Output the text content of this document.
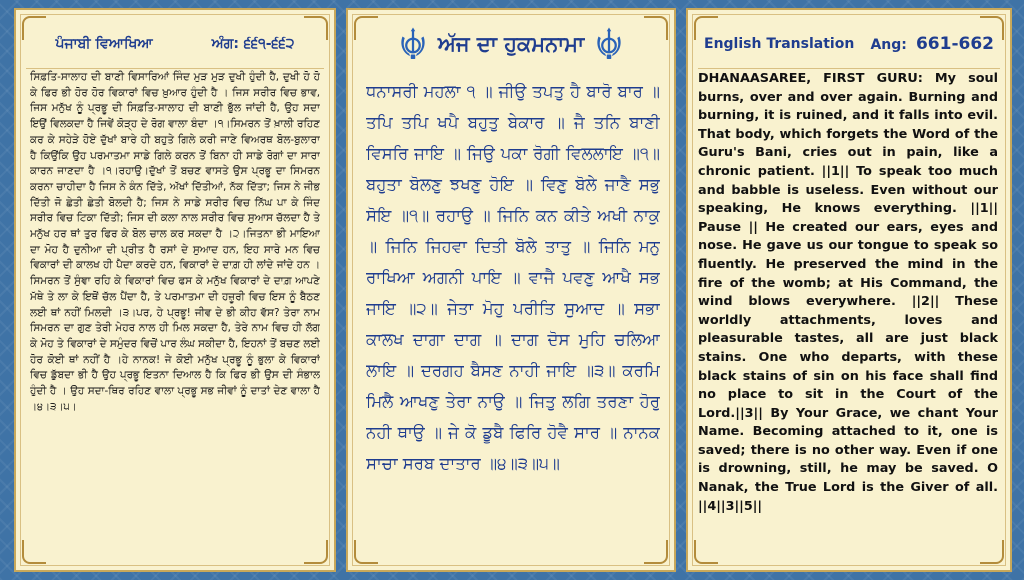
ਪੰਜਾਬੀ ਵਿਆਖਿਆ	ਅੰਗ: ੬੬੧-੬੬੨
ਸਿਫ਼ਤਿ-ਸਾਲਾਹ ਦੀ ਬਾਣੀ ਵਿਸਾਰਿਆਂ ਜਿੰਦ ਮੁੜ ਮੁੜ ਦੁਖੀ ਹੁੰਦੀ ਹੈ, ਦੁਖੀ ਹੋ ਹੋ ਕੇ ਫਿਰ ਭੀ ਹੋਰ ਹੋਰ ਵਿਕਾਰਾਂ ਵਿਚ ਖ਼ੁਆਰ ਹੁੰਦੀ ਹੈ । ਜਿਸ ਸਰੀਰ ਵਿਚ ਭਾਵ, ਜਿਸ ਮਨੁੱਖ ਨੂੰ ਪ੍ਰਭੂ ਦੀ ਸਿਫ਼ਤਿ-ਸਾਲਾਹ ਦੀ ਬਾਣੀ ਭੁੱਲ ਜਾਂਦੀ ਹੈ, ਉਹ ਸਦਾ ਇਉਂ ਵਿਲਕਦਾ ਹੈ ਜਿਵੇਂ ਕੋੜ੍ਹ ਦੇ ਰੋਗ ਵਾਲਾ ਬੰਦਾ ।੧।ਸਿਮਰਨ ਤੋਂ ਖ਼ਾਲੀ ਰਹਿਣ ਕਰ ਕੇ ਸਹੇੜੇ ਹੋਏ ਦੁੱਖਾਂ ਬਾਰੇ ਹੀ ਬਹੁਤੇ ਗਿਲੇ ਕਰੀ ਜਾਣੇ ਵਿਅਰਥ ਬੋਲ-ਬੁਲਾਰਾ ਹੈ ਕਿਉਂਕਿ ਉਹ ਪਰਮਾਤਮਾ ਸਾਡੇ ਗਿਲੇ ਕਰਨ ਤੋਂ ਬਿਨਾ ਹੀ ਸਾਡੇ ਰੋਗਾਂ ਦਾ ਸਾਰਾ ਕਾਰਨ ਜਾਣਦਾ ਹੈ ।੧।ਰਹਾਉ।ਦੁੱਖਾਂ ਤੋਂ ਬਚਣ ਵਾਸਤੇ ਉਸ ਪ੍ਰਭੂ ਦਾ ਸਿਮਰਨ ਕਰਨਾ ਚਾਹੀਦਾ ਹੈ ਜਿਸ ਨੇ ਕੰਨ ਦਿੱਤੇ, ਅੱਖਾਂ ਦਿੱਤੀਆਂ, ਨੱਕ ਦਿੱਤਾ; ਜਿਸ ਨੇ ਜੀਭ ਦਿੱਤੀ ਜੋ ਛੇਤੀ ਛੇਤੀ ਬੋਲਦੀ ਹੈ; ਜਿਸ ਨੇ ਸਾਡੇ ਸਰੀਰ ਵਿਚ ਨਿੱਘ ਪਾ ਕੇ ਜਿੰਦ ਸਰੀਰ ਵਿਚ ਟਿਕਾ ਦਿੱਤੀ; ਜਿਸ ਦੀ ਕਲਾ ਨਾਲ ਸਰੀਰ ਵਿਚ ਸੁਆਸ ਚੱਲਦਾ ਹੈ ਤੇ ਮਨੁੱਖ ਹਰ ਥਾਂ ਤੁਰ ਫਿਰ ਕੇ ਬੋਲ ਚਾਲ ਕਰ ਸਕਦਾ ਹੈ ।੨।ਜਿਤਨਾ ਭੀ ਮਾਇਆ ਦਾ ਮੋਹ ਹੈ ਦੁਨੀਆ ਦੀ ਪ੍ਰੀਤ ਹੈ ਰਸਾਂ ਦੇ ਸੁਆਦ ਹਨ, ਇਹ ਸਾਰੇ ਮਨ ਵਿਚ ਵਿਕਾਰਾਂ ਦੀ ਕਾਲਖ ਹੀ ਪੈਦਾ ਕਰਦੇ ਹਨ, ਵਿਕਾਰਾਂ ਦੇ ਦਾਗ਼ ਹੀ ਲਾਂਦੇ ਜਾਂਦੇ ਹਨ । ਸਿਮਰਨ ਤੋਂ ਸੁੰਞਾ ਰਹਿ ਕੇ ਵਿਕਾਰਾਂ ਵਿਚ ਫਸ ਕੇ ਮਨੁੱਖ ਵਿਕਾਰਾਂ ਦੇ ਦਾਗ਼ ਆਪਣੇ ਮੱਥੇ ਤੇ ਲਾ ਕੇ ਇਥੋਂ ਚੱਲ ਪੈਂਦਾ ਹੈ, ਤੇ ਪਰਮਾਤਮਾ ਦੀ ਹਜ਼ੂਰੀ ਵਿਚ ਇਸ ਨੂੰ ਬੈਠਣ ਲਈ ਥਾਂ ਨਹੀਂ ਮਿਲਦੀ ।੩।ਪਰ, ਹੇ ਪ੍ਰਭੂ! ਜੀਵ ਦੇ ਭੀ ਕੀਹ ਵੱਸ? ਤੇਰਾ ਨਾਮ ਸਿਮਰਨ ਦਾ ਗੁਣ ਤੇਰੀ ਮੇਹਰ ਨਾਲ ਹੀ ਮਿਲ ਸਕਦਾ ਹੈ, ਤੇਰੇ ਨਾਮ ਵਿਚ ਹੀ ਲੱਗ ਕੇ ਮੋਹ ਤੇ ਵਿਕਾਰਾਂ ਦੇ ਸਮੁੰਦਰ ਵਿਚੋਂ ਪਾਰ ਲੰਘ ਸਕੀਦਾ ਹੈ, ਇਹਨਾਂ ਤੋਂ ਬਚਣ ਲਈ ਹੋਰ ਕੋਈ ਥਾਂ ਨਹੀਂ ਹੈ ।ਹੇ ਨਾਨਕ! ਜੇ ਕੋਈ ਮਨੁੱਖ ਪ੍ਰਭੂ ਨੂੰ ਭੁਲਾ ਕੇ ਵਿਕਾਰਾਂ ਵਿਚ ਡੁੱਬਦਾ ਭੀ ਹੈ ਉਹ ਪ੍ਰਭੂ ਇਤਨਾ ਦਿਆਲ ਹੈ ਕਿ ਫਿਰ ਭੀ ਉਸ ਦੀ ਸੰਭਾਲ ਹੁੰਦੀ ਹੈ । ਉਹ ਸਦਾ-ਥਿਰ ਰਹਿਣ ਵਾਲਾ ਪ੍ਰਭੂ ਸਭ ਜੀਵਾਂ ਨੂੰ ਦਾਤਾਂ ਦੇਣ ਵਾਲਾ ਹੈ ।੪।੩।੫।
ਅੱਜ ਦਾ ਹੁਕਮਨਾਮਾ
ਧਨਾਸਰੀ ਮਹਲਾ ੧ ॥ ਜੀਉ ਤਪਤੁ ਹੈ ਬਾਰੋ ਬਾਰ ॥ ਤਪਿ ਤਪਿ ਖਪੈ ਬਹੁਤੁ ਬੇਕਾਰ ॥ ਜੈ ਤਨਿ ਬਾਣੀ ਵਿਸਰਿ ਜਾਇ ॥ ਜਿਉ ਪਕਾ ਰੋਗੀ ਵਿਲਲਾਇ ॥੧॥ ਬਹੁਤਾ ਬੋਲਣੁ ਝਖਣੁ ਹੋਇ ॥ ਵਿਣੁ ਬੋਲੇ ਜਾਣੈ ਸਭੁ ਸੋਇ ॥੧॥ ਰਹਾਉ ॥ ਜਿਨਿ ਕਨ ਕੀਤੇ ਅਖੀ ਨਾਕੁ ॥ ਜਿਨਿ ਜਿਹਵਾ ਦਿਤੀ ਬੋਲੇ ਤਾਤੁ ॥ ਜਿਨਿ ਮਨੁ ਰਾਖਿਆ ਅਗਨੀ ਪਾਇ ॥ ਵਾਜੈ ਪਵਣੁ ਆਖੈ ਸਭ ਜਾਇ ॥੨॥ ਜੇਤਾ ਮੋਹੁ ਪਰੀਤਿ ਸੁਆਦ ॥ ਸਭਾ ਕਾਲਖ ਦਾਗਾ ਦਾਗ ॥ ਦਾਗ ਦੋਸ ਮੁਹਿ ਚਲਿਆ ਲਾਇ ॥ ਦਰਗਹ ਬੈਸਣ ਨਾਹੀ ਜਾਇ ॥੩॥ ਕਰਮਿ ਮਿਲੈ ਆਖਣੁ ਤੇਰਾ ਨਾਉ ॥ ਜਿਤੁ ਲਗਿ ਤਰਣਾ ਹੋਰੁ ਨਹੀ ਥਾਉ ॥ ਜੇ ਕੋ ਡੂਬੈ ਫਿਰਿ ਹੋਵੈ ਸਾਰ ॥ ਨਾਨਕ ਸਾਚਾ ਸਰਬ ਦਾਤਾਰ ॥੪॥੩॥੫॥
English Translation Ang: 661-662
DHANAASAREE, FIRST GURU: My soul burns, over and over again. Burning and burning, it is ruined, and it falls into evil. That body, which forgets the Word of the Guru's Bani, cries out in pain, like a chronic patient. ||1|| To speak too much and babble is useless. Even without our speaking, He knows everything. ||1|| Pause || He created our ears, eyes and nose. He gave us our tongue to speak so fluently. He preserved the mind in the fire of the womb; at His Command, the wind blows everywhere. ||2|| These worldly attachments, loves and pleasurable tastes, all are just black stains. One who departs, with these black stains of sin on his face shall find no place to sit in the Court of the Lord.||3|| By Your Grace, we chant Your Name. Becoming attached to it, one is saved; there is no other way. Even if one is drowning, still, he may be saved. O Nanak, the True Lord is the Giver of all. ||4||3||5||
